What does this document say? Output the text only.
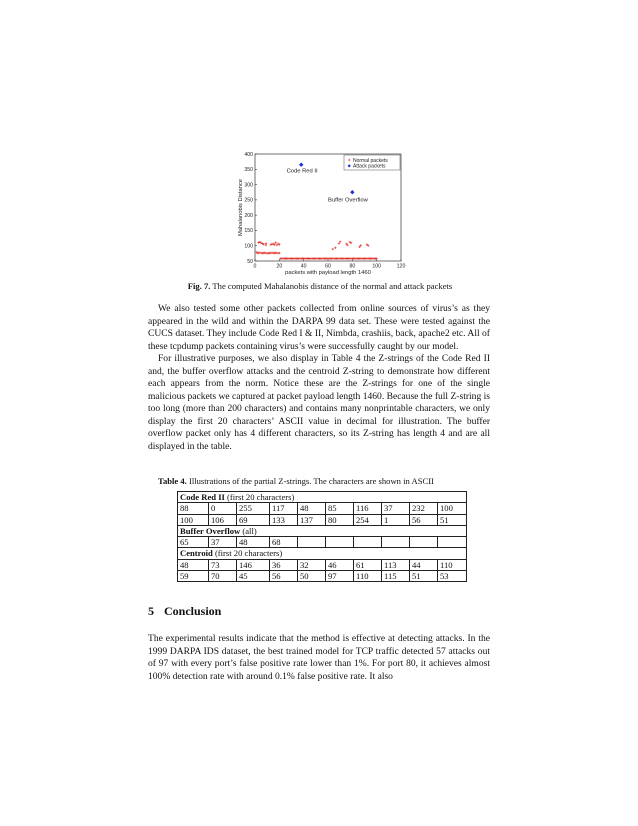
0	20	40	60	80	100	120
50
100
150
200
250
300
350
400
packets with payload length 1460
Mahalanobis Distance
Code Red II
Buffer Overflow
Normal packets
Attack packets
Fig. 7. The computed Mahalanobis distance of the normal and attack packets

We also tested some other packets collected from online sources of virus’s as they appeared in the wild and within the DARPA 99 data set. These were tested against the CUCS dataset. They include Code Red I & II, Nimbda, crashiis, back, apache2 etc. All of these tcpdump packets containing virus’s were successfully caught by our model.

For illustrative purposes, we also display in Table 4 the Z-strings of the Code Red II and, the buffer overflow attacks and the centroid Z-string to demonstrate how different each appears from the norm. Notice these are the Z-strings for one of the single malicious packets we captured at packet payload length 1460. Because the full Z-string is too long (more than 200 characters) and contains many nonprintable characters, we only display the first 20 characters’ ASCII value in decimal for illustration. The buffer overflow packet only has 4 different characters, so its Z-string has length 4 and are all displayed in the table.

Table 4. Illustrations of the partial Z-strings. The characters are shown in ASCII
Code Red II (first 20 characters)									
88	0	255	117	48	85	116	37	232	100
100	106	69	133	137	80	254	1	56	51
Buffer Overflow (all)									
65	37	48	68						
Centroid (first 20 characters)									
48	73	146	36	32	46	61	113	44	110
59	70	45	56	50	97	110	115	51	53
5 Conclusion

The experimental results indicate that the method is effective at detecting attacks. In the 1999 DARPA IDS dataset, the best trained model for TCP traffic detected 57 attacks out of 97 with every port’s false positive rate lower than 1%. For port 80, it achieves almost 100% detection rate with around 0.1% false positive rate. It also
